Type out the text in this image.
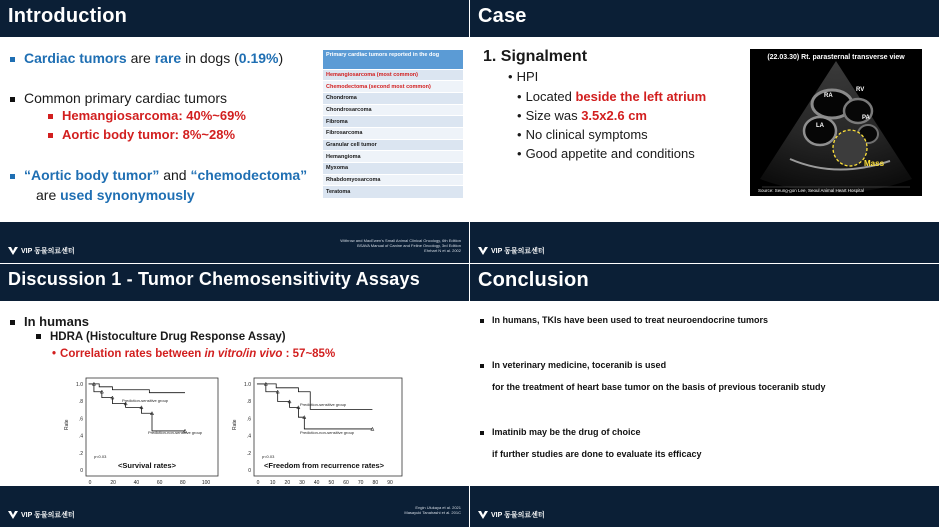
Introduction
Cardiac tumors are rare in dogs (0.19%)
Common primary cardiac tumors
Hemangiosarcoma: 40%~69%
Aortic body tumor: 8%~28%
“Aortic body tumor” and “chemodectoma”
are used synonymously
Primary cardiac tumors reported in the dog
Hemangiosarcoma (most common)
Chemodectoma (second most common)
Chondroma
Chondrosarcoma
Fibroma
Fibrosarcoma
Granular cell tumor
Hemangioma
Myxoma
Rhabdomyosarcoma
Teratoma
VIP 동물의료센터
Withrow and MacEwen's Small Animal Clinical Oncology, 6th Edition
BSAVA Manual of Canine and Feline Oncology, 3rd Edition
Ehrhart N et al. 2002
Case
1. Signalment
• HPI
• Located beside the left atrium
• Size was 3.5x2.6 cm
• No clinical symptoms
• Good appetite and conditions
(22.03.30) Rt. parasternal transverse view
RA
RV
LA
PA
Mass
Source: Seung-gon Lee, Seoul Animal Heart Hospital
VIP 동물의료센터
Discussion 1 - Tumor Chemosensitivity Assays
In humans
HDRA (Histoculture Drug Response Assay)
• Correlation rates between in vitro/in vivo : 57~85%
1.0
.8
.6
.4
.2
0
0	20	40	60	80	100
Rate
Prediction-sensitive group
Prediction-non-sensitive group
p<0.03
<Survival rates>
1.0
.8
.6
.4
.2
0
0 10 20 30 40 50 60 70 80 90
Rate
Prediction-sensitive group
Prediction-non-sensitive group
p<0.03
<Freedom from recurrence rates>
VIP 동물의료센터
Engin Ulukaya et al. 2021
Masayuki Tanahashi et al. 201C
Conclusion
In humans, TKIs have been used to treat neuroendocrine tumors
In veterinary medicine, toceranib is used
for the treatment of heart base tumor on the basis of previous toceranib study
Imatinib may be the drug of choice
if further studies are done to evaluate its efficacy
VIP 동물의료센터
